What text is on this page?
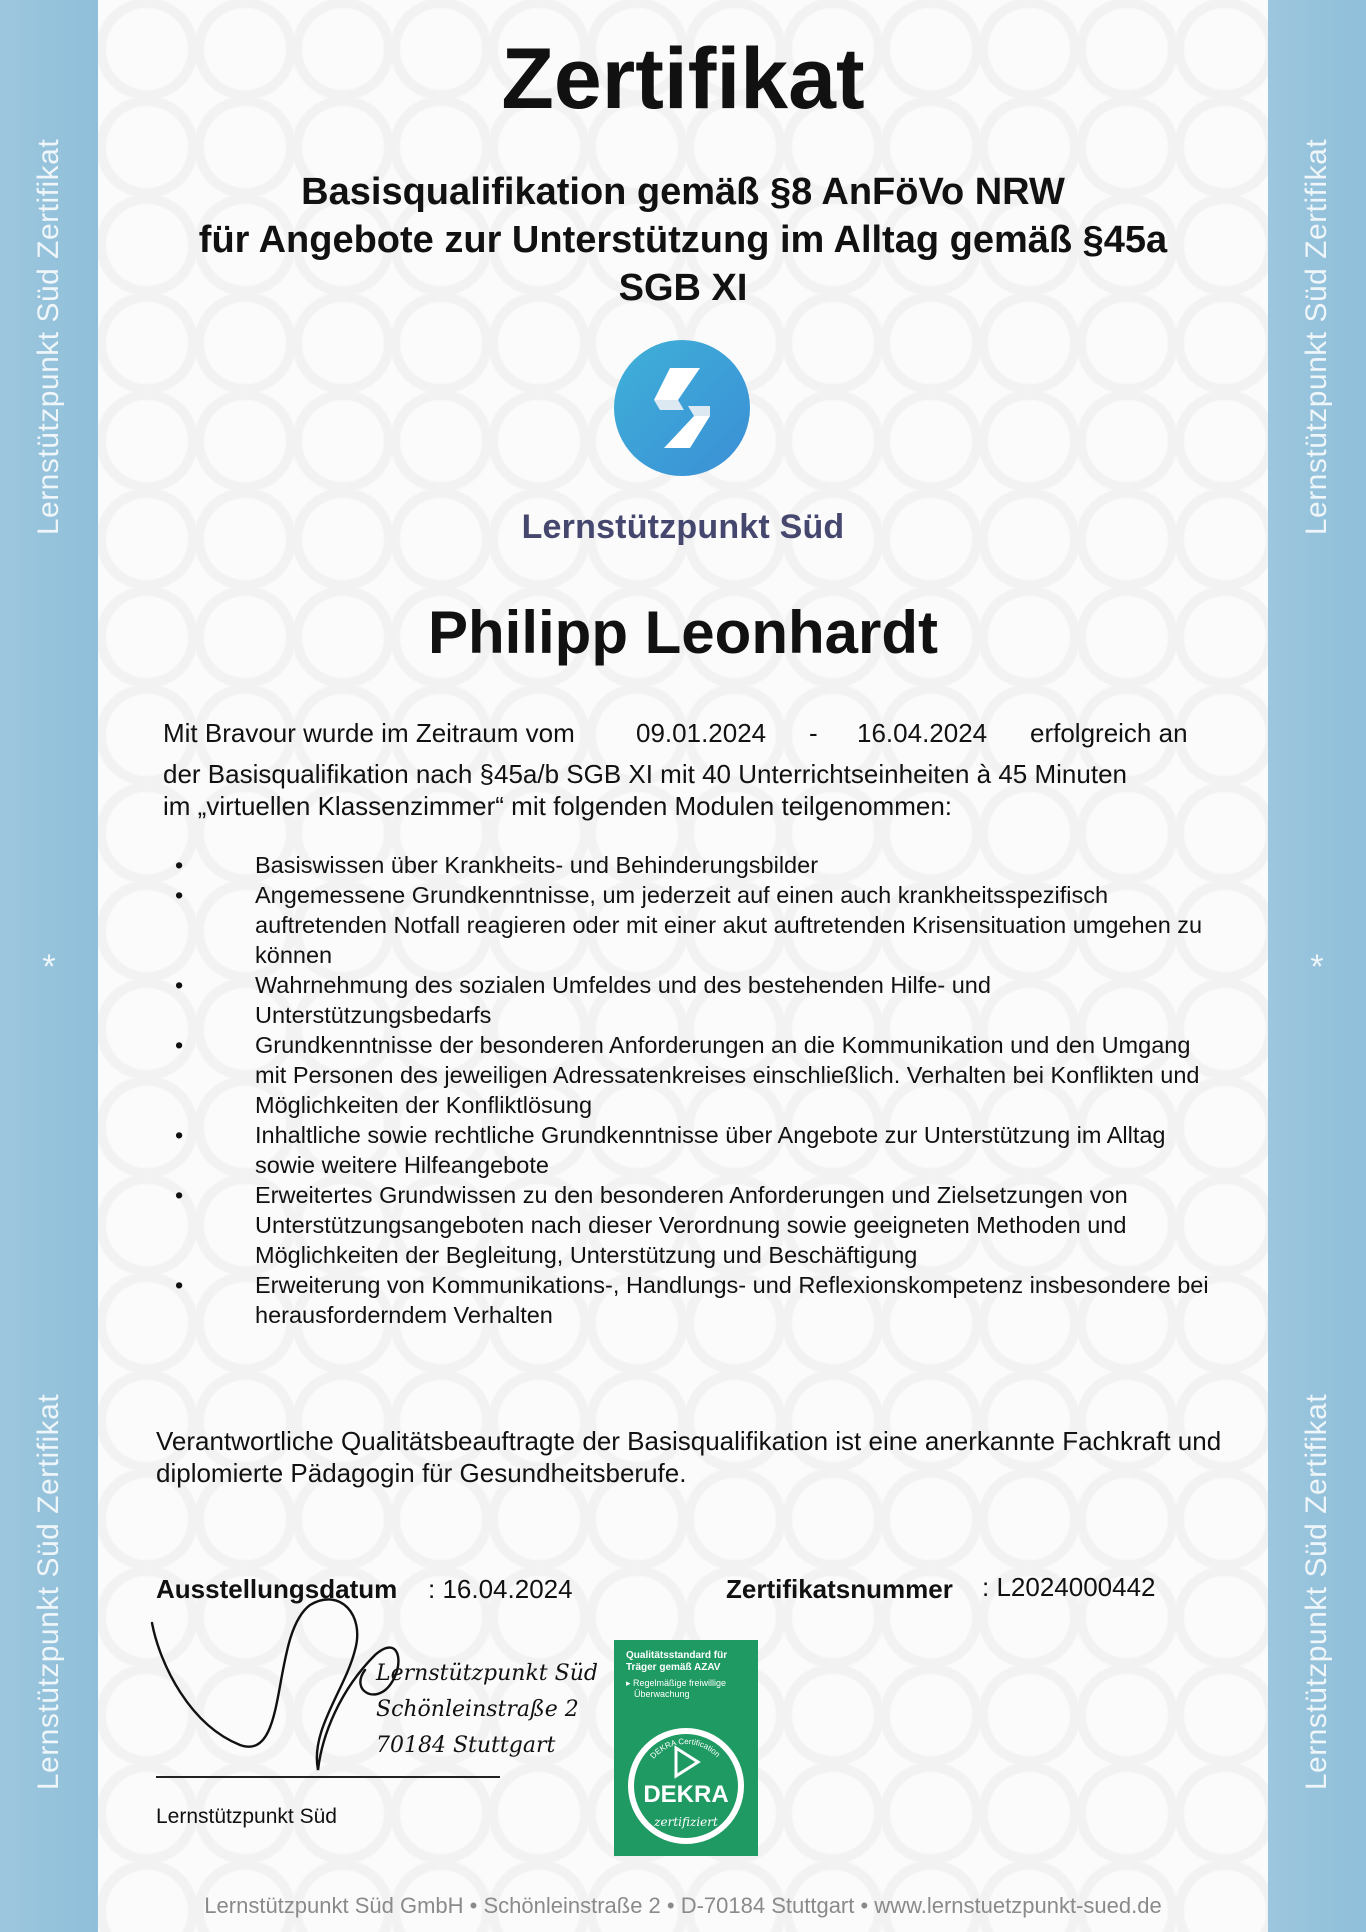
Lernstützpunkt Süd Zertifikat
*
Lernstützpunkt Süd Zertifikat
Lernstützpunkt Süd Zertifikat
*
Lernstützpunkt Süd Zertifikat
Zertifikat
Basisqualifikation gemäß §8 AnFöVo NRW
für Angebote zur Unterstützung im Alltag gemäß §45a
SGB XI
Lernstützpunkt Süd
Philipp Leonhardt
Mit Bravour wurde im Zeitraum vom 09.01.2024 - 16.04.2024 erfolgreich an
der Basisqualifikation nach §45a/b SGB XI mit 40 Unterrichtseinheiten à 45 Minuten
im „virtuellen Klassenzimmer“ mit folgenden Modulen teilgenommen:
• Basiswissen über Krankheits- und Behinderungsbilder
• Angemessene Grundkenntnisse, um jederzeit auf einen auch krankheitsspezifisch auftretenden Notfall reagieren oder mit einer akut auftretenden Krisensituation umgehen zu können
• Wahrnehmung des sozialen Umfeldes und des bestehenden Hilfe- und Unterstützungsbedarfs
• Grundkenntnisse der besonderen Anforderungen an die Kommunikation und den Umgang mit Personen des jeweiligen Adressatenkreises einschließlich. Verhalten bei Konflikten und Möglichkeiten der Konfliktlösung
• Inhaltliche sowie rechtliche Grundkenntnisse über Angebote zur Unterstützung im Alltag sowie weitere Hilfeangebote
• Erweitertes Grundwissen zu den besonderen Anforderungen und Zielsetzungen von Unterstützungsangeboten nach dieser Verordnung sowie geeigneten Methoden und Möglichkeiten der Begleitung, Unterstützung und Beschäftigung
• Erweiterung von Kommunikations-, Handlungs- und Reflexionskompetenz insbesondere bei herausforderndem Verhalten
Verantwortliche Qualitätsbeauftragte der Basisqualifikation ist eine anerkannte Fachkraft und diplomierte Pädagogin für Gesundheitsberufe.
Ausstellungsdatum : 16.04.2024	Zertifikatsnummer : L2024000442
Lernstützpunkt Süd
Schönleinstraße 2
70184 Stuttgart
Lernstützpunkt Süd
Qualitätsstandard für
Träger gemäß AZAV
▸ Regelmäßige freiwillige
Überwachung
DEKRA Certification
DEKRA
zertifiziert
Lernstützpunkt Süd GmbH • Schönleinstraße 2 • D-70184 Stuttgart • www.lernstuetzpunkt-sued.de
